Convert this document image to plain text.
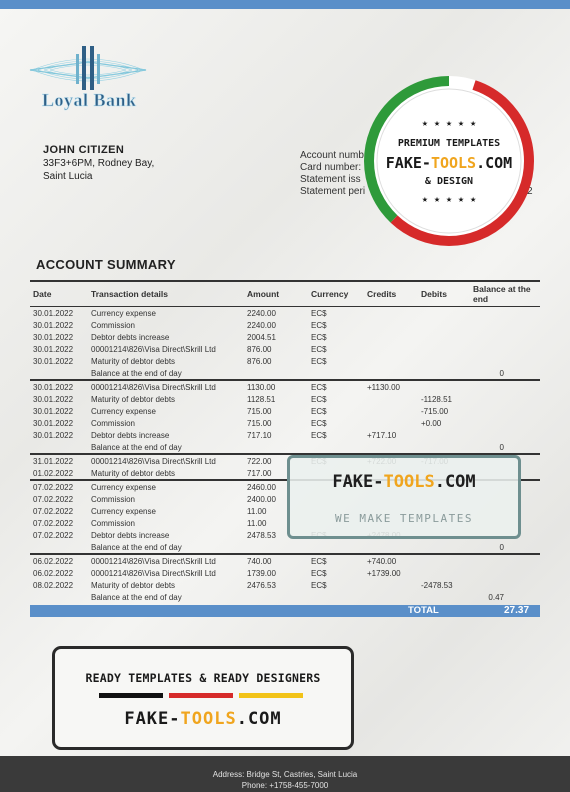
Loyal Bank
JOHN CITIZEN
33F3+6PM, Rodney Bay,
Saint Lucia
Account numb
Card number:
Statement iss
Statement peri	2
★ ★ ★ ★ ★
PREMIUM TEMPLATES
FAKE-TOOLS.COM
& DESIGN
★ ★ ★ ★ ★
ACCOUNT SUMMARY
Date	Transaction details	Amount	Currency	Credits	Debits	Balance at the end
30.01.2022	Currency expense	2240.00	EC$			
30.01.2022	Commission	2240.00	EC$			
30.01.2022	Debtor debts increase	2004.51	EC$			
30.01.2022	00001214\826\Visa Direct\Skrill Ltd	876.00	EC$			
30.01.2022	Maturity of debtor debts	876.00	EC$			
	Balance at the end of day					0
30.01.2022	00001214\826\Visa Direct\Skrill Ltd	1130.00	EC$	+1130.00		
30.01.2022	Maturity of debtor debts	1128.51	EC$		-1128.51	
30.01.2022	Currency expense	715.00	EC$		-715.00	
30.01.2022	Commission	715.00	EC$		+0.00	
30.01.2022	Debtor debts increase	717.10	EC$	+717.10		
	Balance at the end of day					0
31.01.2022	00001214\826\Visa Direct\Skrill Ltd	722.00				
01.02.2022	Maturity of debtor debts	717.00				
07.02.2022	Currency expense	2460.00				
07.02.2022	Commission	2400.00				
07.02.2022	Currency expense	11.00				
07.02.2022	Commission	11.00				
07.02.2022	Debtor debts increase	2478.53				
	Balance at the end of day					0
06.02.2022	00001214\826\Visa Direct\Skrill Ltd	740.00	EC$	+740.00		
06.02.2022	00001214\826\Visa Direct\Skrill Ltd	1739.00	EC$	+1739.00		
08.02.2022	Maturity of debtor debts	2476.53	EC$		-2478.53	
	Balance at the end of day					0.47
TOTAL	27.37
FAKE-TOOLS.COM
WE MAKE TEMPLATES
READY TEMPLATES & READY DESIGNERS
FAKE-TOOLS.COM
Address: Bridge St, Castries, Saint Lucia
Phone: +1758-455-7000
